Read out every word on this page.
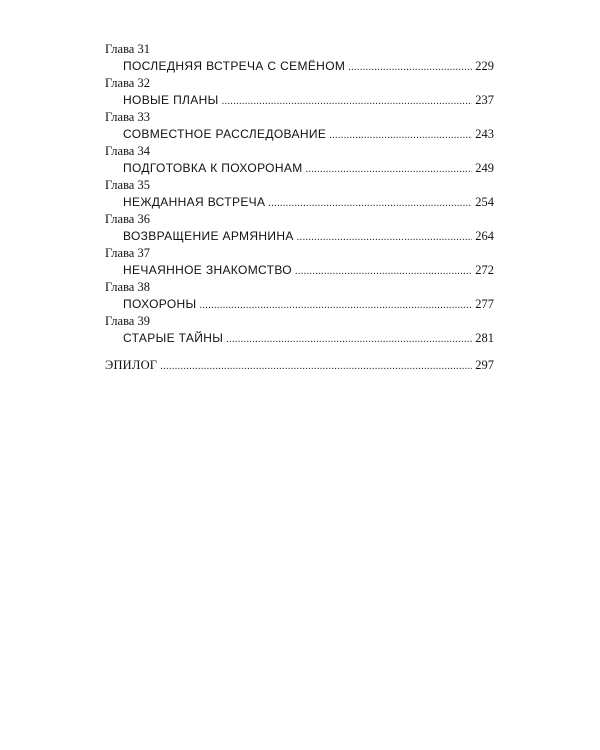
Глава 31
ПОСЛЕДНЯЯ ВСТРЕЧА С СЕМЁНОМ .....	229
Глава 32
НОВЫЕ ПЛАНЫ .....	237
Глава 33
СОВМЕСТНОЕ РАССЛЕДОВАНИЕ .....	243
Глава 34
ПОДГОТОВКА К ПОХОРОНАМ .....	249
Глава 35
НЕЖДАННАЯ ВСТРЕЧА .....	254
Глава 36
ВОЗВРАЩЕНИЕ АРМЯНИНА .....	264
Глава 37
НЕЧАЯННОЕ ЗНАКОМСТВО .....	272
Глава 38
ПОХОРОНЫ .....	277
Глава 39
СТАРЫЕ ТАЙНЫ .....	281
ЭПИЛОГ .....	297
